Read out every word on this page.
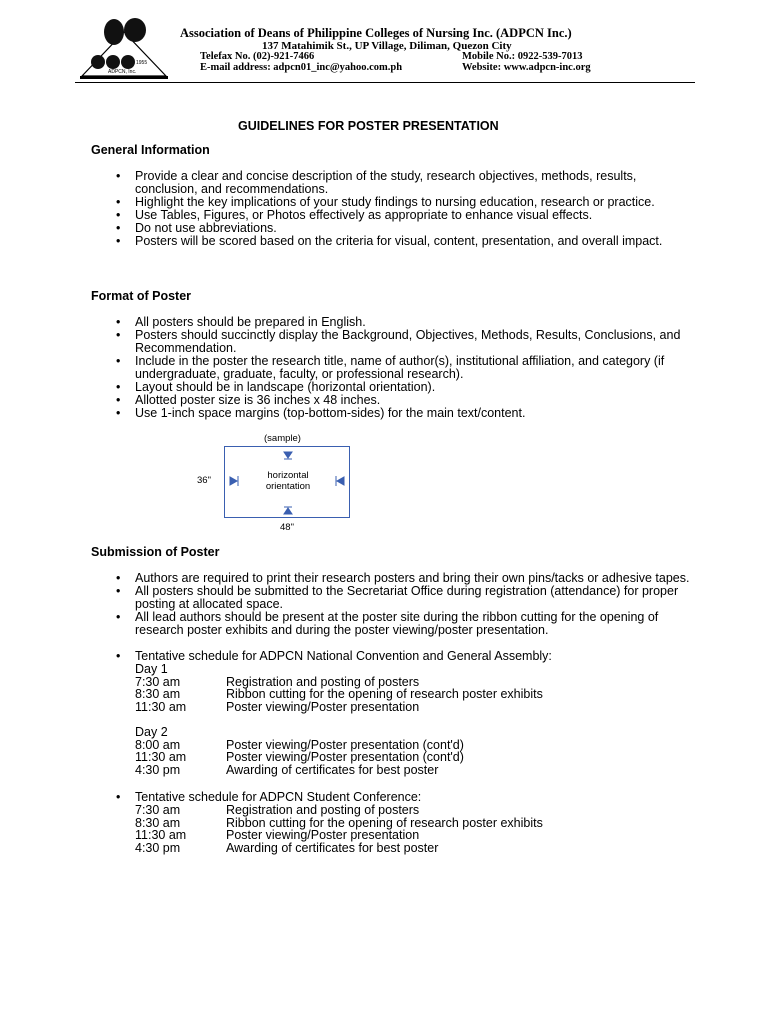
1955
ADPCN, Inc.
Association of Deans of Philippine Colleges of Nursing Inc. (ADPCN Inc.)
137 Matahimik St., UP Village, Diliman, Quezon City
Telefax No. (02)-921-7466	Mobile No.: 0922-539-7013
E-mail address: adpcn01_inc@yahoo.com.ph	Website: www.adpcn-inc.org
GUIDELINES FOR POSTER PRESENTATION
General Information
• Provide a clear and concise description of the study, research objectives, methods, results, conclusion, and recommendations.
• Highlight the key implications of your study findings to nursing education, research or practice.
• Use Tables, Figures, or Photos effectively as appropriate to enhance visual effects.
• Do not use abbreviations.
• Posters will be scored based on the criteria for visual, content, presentation, and overall impact.
Format of Poster
• All posters should be prepared in English.
• Posters should succinctly display the Background, Objectives, Methods, Results, Conclusions, and Recommendation.
• Include in the poster the research title, name of author(s), institutional affiliation, and category (if undergraduate, graduate, faculty, or professional research).
• Layout should be in landscape (horizontal orientation).
• Allotted poster size is 36 inches x 48 inches.
• Use 1-inch space margins (top-bottom-sides) for the main text/content.
(sample)
horizontal orientation
36"
48"
Submission of Poster
• Authors are required to print their research posters and bring their own pins/tacks or adhesive tapes.
• All posters should be submitted to the Secretariat Office during registration (attendance) for proper posting at allocated space.
• All lead authors should be present at the poster site during the ribbon cutting for the opening of research poster exhibits and during the poster viewing/poster presentation.
• Tentative schedule for ADPCN National Convention and General Assembly:
Day 1
7:30 am	Registration and posting of posters
8:30 am	Ribbon cutting for the opening of research poster exhibits
11:30 am	Poster viewing/Poster presentation
Day 2
8:00 am	Poster viewing/Poster presentation (cont'd)
11:30 am	Poster viewing/Poster presentation (cont'd)
4:30 pm	Awarding of certificates for best poster
• Tentative schedule for ADPCN Student Conference:
7:30 am	Registration and posting of posters
8:30 am	Ribbon cutting for the opening of research poster exhibits
11:30 am	Poster viewing/Poster presentation
4:30 pm	Awarding of certificates for best poster
